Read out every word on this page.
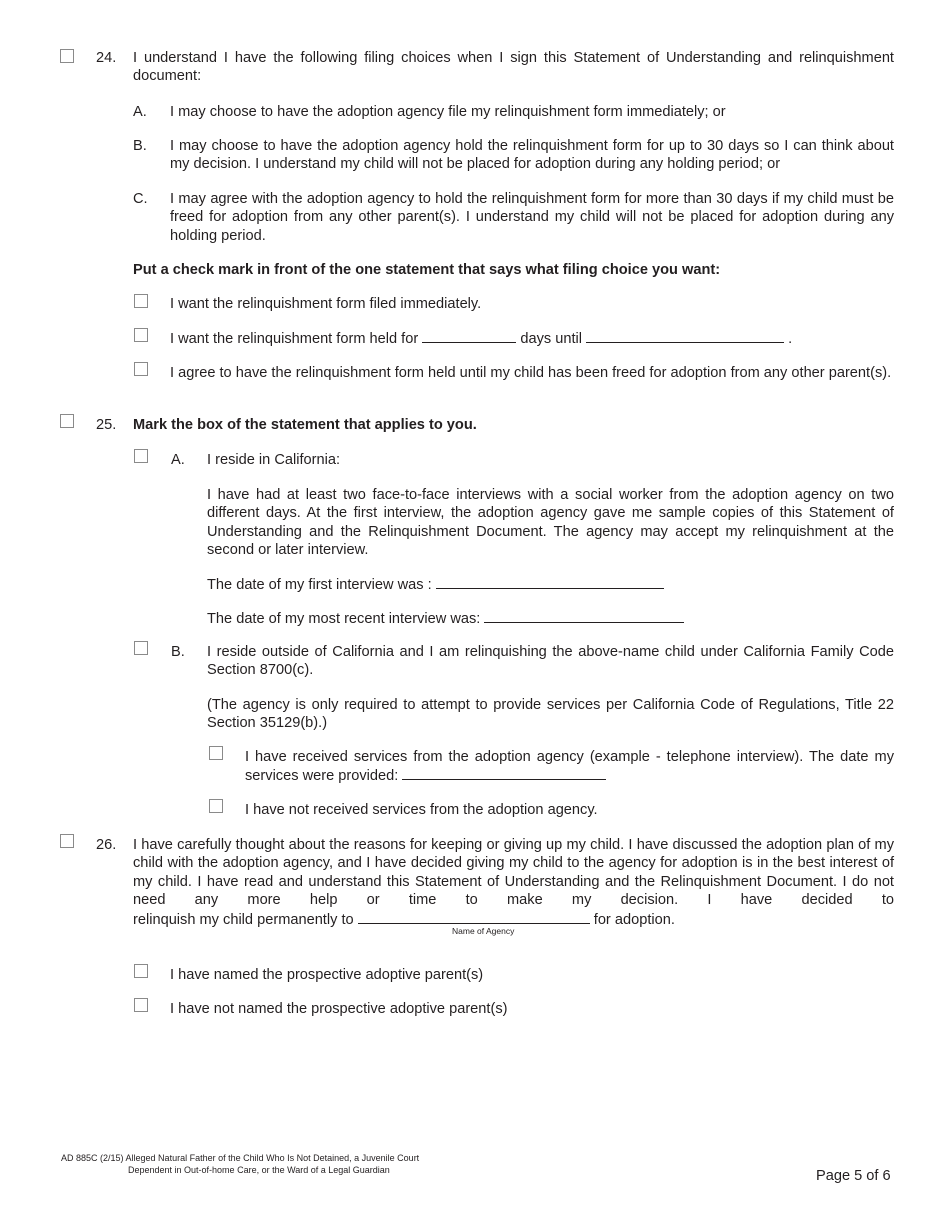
24. I understand I have the following filing choices when I sign this Statement of Understanding and relinquishment document:
A. I may choose to have the adoption agency file my relinquishment form immediately; or
B. I may choose to have the adoption agency hold the relinquishment form for up to 30 days so I can think about my decision. I understand my child will not be placed for adoption during any holding period; or
C. I may agree with the adoption agency to hold the relinquishment form for more than 30 days if my child must be freed for adoption from any other parent(s). I understand my child will not be placed for adoption during any holding period.
Put a check mark in front of the one statement that says what filing choice you want:
I want the relinquishment form filed immediately.
I want the relinquishment form held for	days until	.
I agree to have the relinquishment form held until my child has been freed for adoption from any other parent(s).
25. Mark the box of the statement that applies to you.
A. I reside in California:
I have had at least two face-to-face interviews with a social worker from the adoption agency on two different days. At the first interview, the adoption agency gave me sample copies of this Statement of Understanding and the Relinquishment Document. The agency may accept my relinquishment at the second or later interview.
The date of my first interview was :
The date of my most recent interview was:
B. I reside outside of California and I am relinquishing the above-name child under California Family Code Section 8700(c).
(The agency is only required to attempt to provide services per California Code of Regulations, Title 22 Section 35129(b).)
I have received services from the adoption agency (example - telephone interview). The date my services were provided:
I have not received services from the adoption agency.
26. I have carefully thought about the reasons for keeping or giving up my child. I have discussed the adoption plan of my child with the adoption agency, and I have decided giving my child to the agency for adoption is in the best interest of my child. I have read and understand this Statement of Understanding and the Relinquishment Document. I do not need any more help or time to make my decision. I have decided to
relinquish my child permanently to	for adoption.
Name of Agency
I have named the prospective adoptive parent(s)
I have not named the prospective adoptive parent(s)
AD 885C (2/15) Alleged Natural Father of the Child Who Is Not Detained, a Juvenile Court
Dependent in Out-of-home Care, or the Ward of a Legal Guardian	Page 5 of 6
